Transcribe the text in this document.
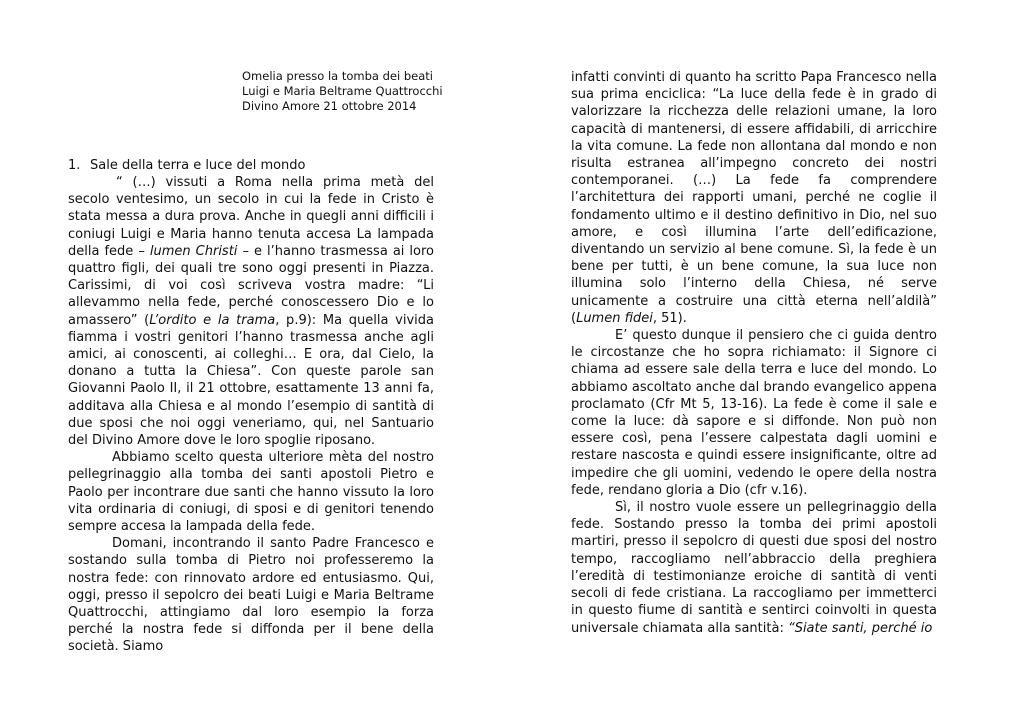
Omelia presso la tomba dei beati
Luigi e Maria Beltrame Quattrocchi
Divino Amore 21 ottobre 2014
1. Sale della terra e luce del mondo

“ (…) vissuti a Roma nella prima metà del secolo ventesimo, un secolo in cui la fede in Cristo è stata messa a dura prova. Anche in quegli anni difficili i coniugi Luigi e Maria hanno tenuta accesa La lampada della fede – lumen Christi – e l’hanno trasmessa ai loro quattro figli, dei quali tre sono oggi presenti in Piazza. Carissimi, di voi così scriveva vostra madre: “Li allevammo nella fede, perché conoscessero Dio e lo amassero” (L’ordito e la trama, p.9): Ma quella vivida fiamma i vostri genitori l’hanno trasmessa anche agli amici, ai conoscenti, ai colleghi… E ora, dal Cielo, la donano a tutta la Chiesa”. Con queste parole san Giovanni Paolo II, il 21 ottobre, esattamente 13 anni fa, additava alla Chiesa e al mondo l’esempio di santità di due sposi che noi oggi veneriamo, qui, nel Santuario del Divino Amore dove le loro spoglie riposano.

Abbiamo scelto questa ulteriore mèta del nostro pellegrinaggio alla tomba dei santi apostoli Pietro e Paolo per incontrare due santi che hanno vissuto la loro vita ordinaria di coniugi, di sposi e di genitori tenendo sempre accesa la lampada della fede.

Domani, incontrando il santo Padre Francesco e sostando sulla tomba di Pietro noi professeremo la nostra fede: con rinnovato ardore ed entusiasmo. Qui, oggi, presso il sepolcro dei beati Luigi e Maria Beltrame Quattrocchi, attingiamo dal loro esempio la forza perché la nostra fede si diffonda per il bene della società. Siamo

infatti convinti di quanto ha scritto Papa Francesco nella sua prima enciclica: “La luce della fede è in grado di valorizzare la ricchezza delle relazioni umane, la loro capacità di mantenersi, di essere affidabili, di arricchire la vita comune. La fede non allontana dal mondo e non risulta estranea all’impegno concreto dei nostri contemporanei. (…) La fede fa comprendere l’architettura dei rapporti umani, perché ne coglie il fondamento ultimo e il destino definitivo in Dio, nel suo amore, e così illumina l’arte dell’edificazione, diventando un servizio al bene comune. Sì, la fede è un bene per tutti, è un bene comune, la sua luce non illumina solo l’interno della Chiesa, né serve unicamente a costruire una città eterna nell’aldilà” (Lumen fidei, 51).

E’ questo dunque il pensiero che ci guida dentro le circostanze che ho sopra richiamato: il Signore ci chiama ad essere sale della terra e luce del mondo. Lo abbiamo ascoltato anche dal brando evangelico appena proclamato (Cfr Mt 5, 13-16). La fede è come il sale e come la luce: dà sapore e si diffonde. Non può non essere così, pena l’essere calpestata dagli uomini e restare nascosta e quindi essere insignificante, oltre ad impedire che gli uomini, vedendo le opere della nostra fede, rendano gloria a Dio (cfr v.16).

Sì, il nostro vuole essere un pellegrinaggio della fede. Sostando presso la tomba dei primi apostoli martiri, presso il sepolcro di questi due sposi del nostro tempo, raccogliamo nell’abbraccio della preghiera l’eredità di testimonianze eroiche di santità di venti secoli di fede cristiana. La raccogliamo per immetterci in questo fiume di santità e sentirci coinvolti in questa universale chiamata alla santità: “Siate santi, perché io
